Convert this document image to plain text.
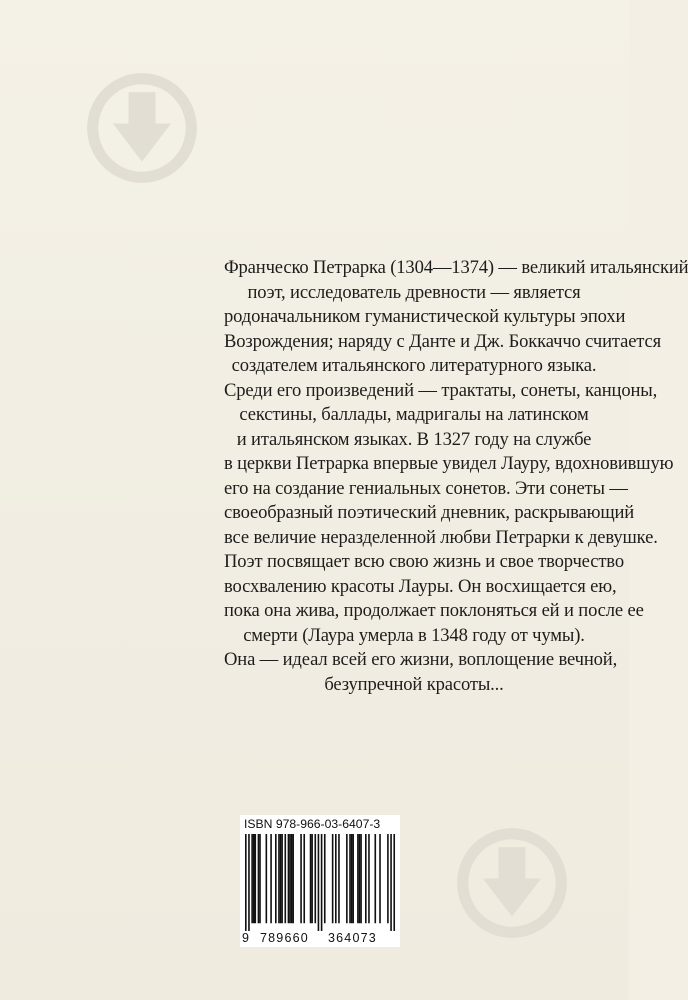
Франческо Петрарка (1304—1374) — великий итальянский
поэт, исследователь древности — является
родоначальником гуманистической культуры эпохи
Возрождения; наряду с Данте и Дж. Боккаччо считается
создателем итальянского литературного языка.
Среди его произведений — трактаты, сонеты, канцоны,
секстины, баллады, мадригалы на латинском
и итальянском языках. В 1327 году на службе
в церкви Петрарка впервые увидел Лауру, вдохновившую
его на создание гениальных сонетов. Эти сонеты —
своеобразный поэтический дневник, раскрывающий
все величие неразделенной любви Петрарки к девушке.
Поэт посвящает всю свою жизнь и свое творчество
восхвалению красоты Лауры. Он восхищается ею,
пока она жива, продолжает поклоняться ей и после ее
смерти (Лаура умерла в 1348 году от чумы).
Она — идеал всей его жизни, воплощение вечной,
безупречной красоты...
ISBN 978-966-03-6407-3
9 789660 364073
